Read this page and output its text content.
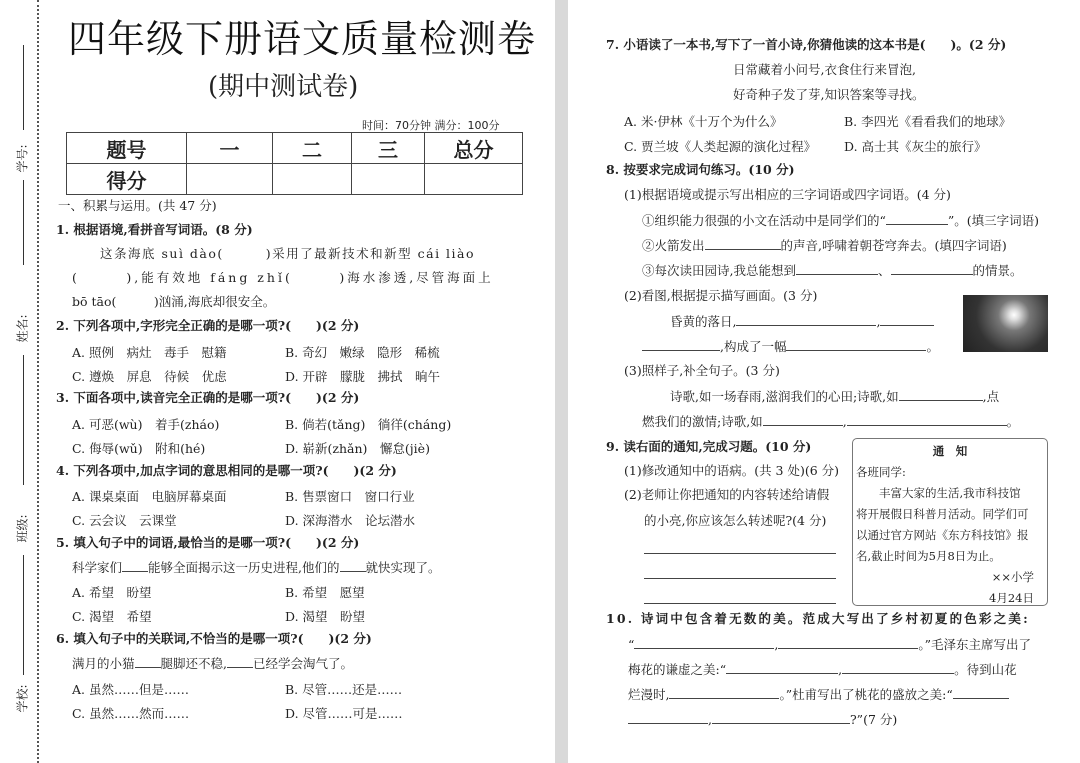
学号:
姓名:
班级:
学校:
四年级下册语文质量检测卷
(期中测试卷)
时间：70分钟 满分：100分
题号	一	二	三	总分
得分				
一、积累与运用。(共 47 分)
1. 根据语境,看拼音写词语。(8 分)
这条海底 suì dào(　　　)采用了最新技术和新型 cái liào
(　　　),能有效地 fáng zhǐ(　　　)海水渗透,尽管海面上
bō tāo(　　　)汹涌,海底却很安全。
2. 下列各项中,字形完全正确的是哪一项?(　　)(2 分)
A. 照例　病灶　毒手　慰籍	B. 奇幻　嫩绿　隐形　稀梳
C. 遵焕　屏息　待候　优虑	D. 开辟　朦胧　拂拭　晌午
3. 下面各项中,读音完全正确的是哪一项?(　　)(2 分)
A. 可恶(wù)　着手(zháo)	B. 倘若(tǎng)　徜徉(cháng)
C. 侮辱(wǔ)　附和(hé)	D. 崭新(zhǎn)　懈怠(jiè)
4. 下列各项中,加点字词的意思相同的是哪一项?(　　)(2 分)
A. 课桌桌面　电脑屏幕桌面	B. 售票窗口　窗口行业
C. 云会议　云课堂	D. 深海潜水　论坛潜水
5. 填入句子中的词语,最恰当的是哪一项?(　　)(2 分)
科学家们 能够全面揭示这一历史进程,他们的 就快实现了。
A. 希望　盼望	B. 希望　愿望
C. 渴望　希望	D. 渴望　盼望
6. 填入句子中的关联词,不恰当的是哪一项?(　　)(2 分)
满月的小猫 腿脚还不稳, 已经学会淘气了。
A. 虽然……但是……	B. 尽管……还是……
C. 虽然……然而……	D. 尽管……可是……
7. 小语读了一本书,写下了一首小诗,你猜他读的这本书是(　　)。(2 分)
日常藏着小问号,衣食住行来冒泡,
好奇种子发了芽,知识答案等寻找。
A. 米·伊林《十万个为什么》	B. 李四光《看看我们的地球》
C. 贾兰坡《人类起源的演化过程》 D. 高士其《灰尘的旅行》
8. 按要求完成词句练习。(10 分)
(1)根据语境或提示写出相应的三字词语或四字词语。(4 分)
①组织能力很强的小文在活动中是同学们的“	”。(填三字词语)
②火箭发出	的声音,呼啸着朝苍穹奔去。(填四字词语)
③每次读田园诗,我总能想到	、	的情景。
(2)看图,根据提示描写画面。(3 分)
昏黄的落日,	,
,构成了一幅	。
(3)照样子,补全句子。(3 分)
诗歌,如一场春雨,滋润我们的心田;诗歌,如	,点
燃我们的激情;诗歌,如	,	。
9. 读右面的通知,完成习题。(10 分)
(1)修改通知中的语病。(共 3 处)(6 分)
(2)老师让你把通知的内容转述给请假
的小亮,你应该怎么转述呢?(4 分)
通　知
各班同学:
　　丰富大家的生活,我市科技馆
将开展假日科普月活动。同学们可
以通过官方网站《东方科技馆》报
名,截止时间为5月8日为止。
××小学
4月24日
10. 诗词中包含着无数的美。范成大写出了乡村初夏的色彩之美:
“	,	。”毛泽东主席写出了
梅花的谦虚之美:“	,	。待到山花
烂漫时,	。”杜甫写出了桃花的盛放之美:“
,	?”(7 分)
